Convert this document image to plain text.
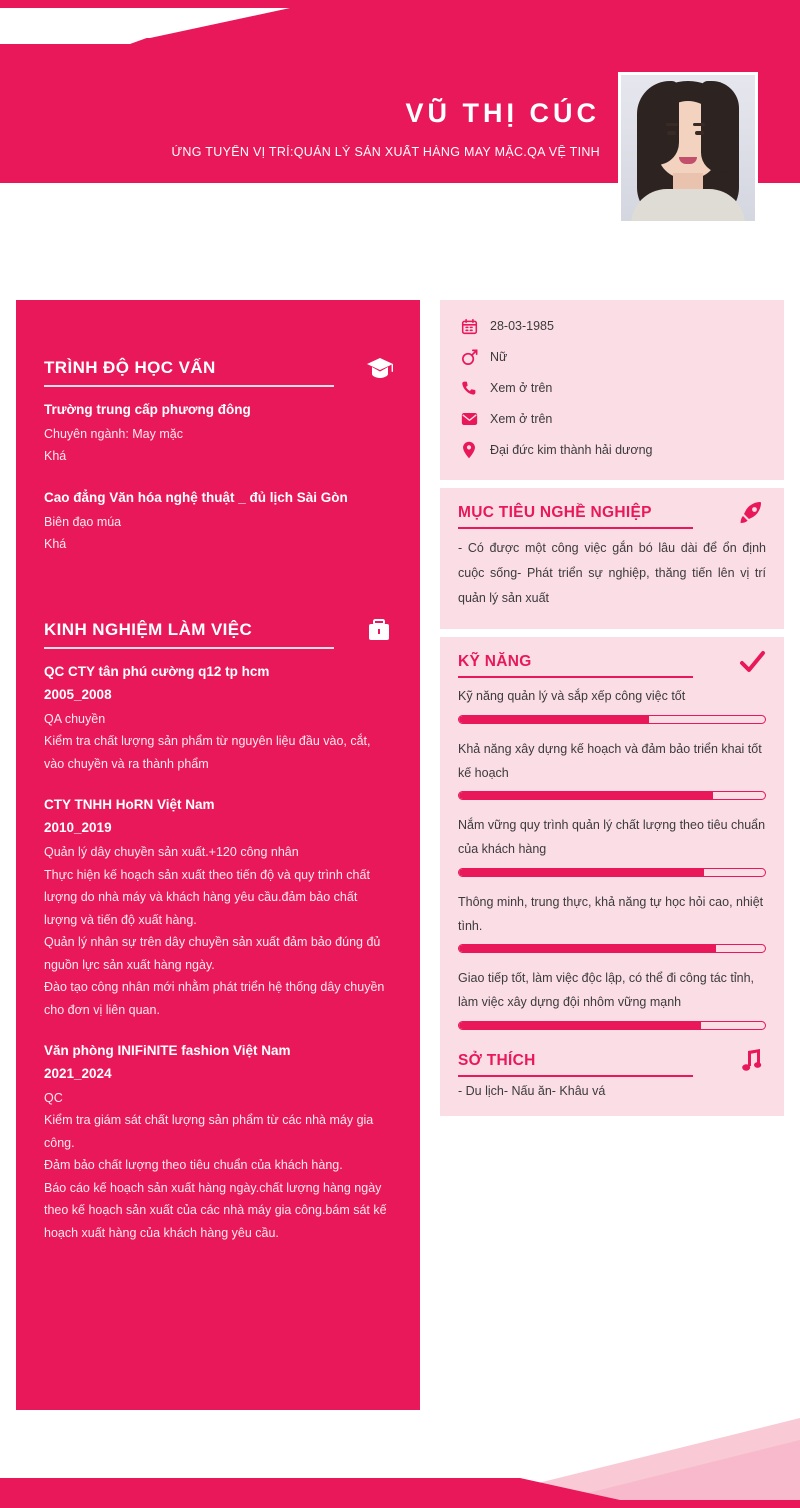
VŨ THỊ CÚC
ỨNG TUYỂN VỊ TRÍ:QUẢN LÝ SẢN XUẤT HÀNG MAY MẶC.QA VỆ TINH
TRÌNH ĐỘ HỌC VẤN
Trường trung cấp phương đông
Chuyên ngành: May mặc
Khá
Cao đẳng Văn hóa nghệ thuật _ đủ lịch Sài Gòn
Biên đạo múa
Khá
KINH NGHIỆM LÀM VIỆC
QC CTY tân phú cường q12 tp hcm
2005_2008
QA chuyền
Kiểm tra chất lượng sản phẩm từ nguyên liệu đầu vào, cắt, vào chuyền và ra thành phẩm
CTY TNHH HoRN Việt Nam
2010_2019
Quản lý dây chuyền sản xuất.+120 công nhân
Thực hiện kế hoạch sản xuất theo tiến độ và quy trình chất lượng do nhà máy và khách hàng yêu cầu.đảm bảo chất lượng và tiến độ xuất hàng.
Quản lý nhân sự trên dây chuyền sản xuất đảm bảo đúng đủ nguồn lực sản xuất hàng ngày.
Đào tạo công nhân mới nhằm phát triển hệ thống dây chuyền cho đơn vị liên quan.
Văn phòng INIFiNITE fashion Việt Nam
2021_2024
QC
Kiểm tra giám sát chất lượng sản phẩm từ các nhà máy gia công.
Đảm bảo chất lượng theo tiêu chuẩn của khách hàng.
Báo cáo kế hoạch sản xuất hàng ngày.chất lượng hàng ngày theo kế hoạch sản xuất của các nhà máy gia công.bám sát kế hoạch xuất hàng của khách hàng yêu cầu.
28-03-1985
Nữ
Xem ở trên
Xem ở trên
Đại đức kim thành hải dương
MỤC TIÊU NGHỀ NGHIỆP
- Có được một công việc gắn bó lâu dài để ổn định cuộc sống- Phát triển sự nghiệp, thăng tiến lên vị trí quản lý sản xuất
KỸ NĂNG
Kỹ năng quản lý và sắp xếp công việc tốt
Khả năng xây dựng kế hoạch và đảm bảo triển khai tốt kế hoạch
Nắm vững quy trình quản lý chất lượng theo tiêu chuẩn của khách hàng
Thông minh, trung thực, khả năng tự học hỏi cao, nhiệt tình.
Giao tiếp tốt, làm việc độc lập, có thể đi công tác tỉnh, làm việc xây dựng đội nhôm vững mạnh
SỞ THÍCH
- Du lịch- Nấu ăn- Khâu vá
